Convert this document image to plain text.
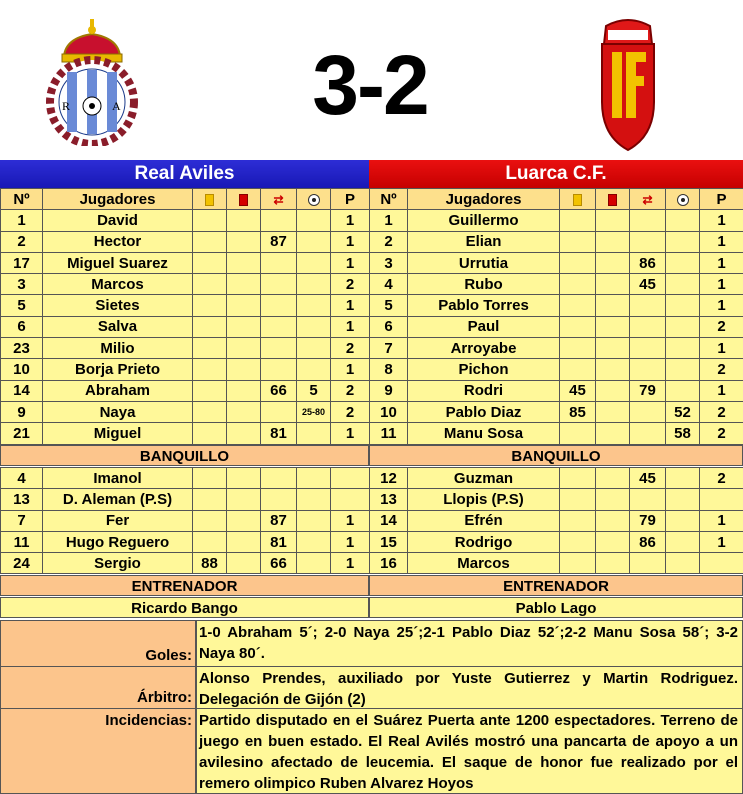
R	A	3-2
Real Aviles	Luarca C.F.
Nº	Jugadores			⇄		P
1	David					1
2	Hector			87		1
17	Miguel Suarez					1
3	Marcos					2
5	Sietes					1
6	Salva					1
23	Milio					2
10	Borja Prieto					1
14	Abraham			66	5	2
9	Naya				25-80	2
21	Miguel			81		1
BANQUILLO
4	Imanol					
13	D. Aleman (P.S)					
7	Fer			87		1
11	Hugo Reguero			81		1
24	Sergio	88		66		1
Nº	Jugadores			⇄		P
1	Guillermo					1
2	Elian					1
3	Urrutia			86		1
4	Rubo			45		1
5	Pablo Torres					1
6	Paul					2
7	Arroyabe					1
8	Pichon					2
9	Rodri	45		79		1
10	Pablo Diaz	85			52	2
11	Manu Sosa				58	2
BANQUILLO
12	Guzman			45		2
13	Llopis (P.S)					
14	Efrén			79		1
15	Rodrigo			86		1
16	Marcos					
ENTRENADOR	ENTRENADOR
Ricardo Bango	Pablo Lago
Goles:
1-0 Abraham 5´; 2-0 Naya 25´;2-1 Pablo Diaz 52´;2-2 Manu Sosa 58´; 3-2 Naya 80´.
Árbitro:
Alonso Prendes, auxiliado por Yuste Gutierrez y Martin Rodriguez. Delegación de Gijón (2)
Incidencias: Partido disputado en el Suárez Puerta ante 1200 espectadores. Terreno de juego en buen estado. El Real Avilés mostró una pancarta de apoyo a un avilesino afectado de leucemia. El saque de honor fue realizado por el remero olimpico Ruben Alvarez Hoyos
